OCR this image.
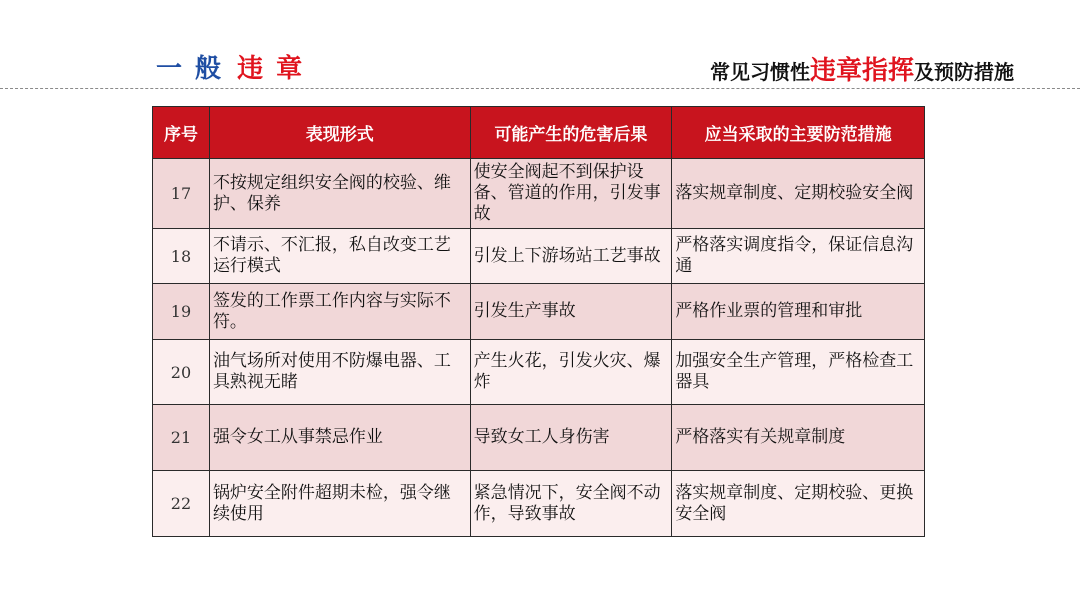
一 般 违 章	常见习惯性违章指挥及预防措施
序号	表现形式	可能产生的危害后果	应当采取的主要防范措施
17	不按规定组织安全阀的校验、维护、保养	使安全阀起不到保护设备、管道的作用，引发事故	落实规章制度、定期校验安全阀
18	不请示、不汇报，私自改变工艺运行模式	引发上下游场站工艺事故	严格落实调度指令，保证信息沟通
19	签发的工作票工作内容与实际不符。	引发生产事故	严格作业票的管理和审批
20	油气场所对使用不防爆电器、工具熟视无睹	产生火花，引发火灾、爆炸	加强安全生产管理，严格检查工器具
21	强令女工从事禁忌作业	导致女工人身伤害	严格落实有关规章制度
22	锅炉安全附件超期未检，强令继续使用	紧急情况下，安全阀不动作，导致事故	落实规章制度、定期校验、更换安全阀
